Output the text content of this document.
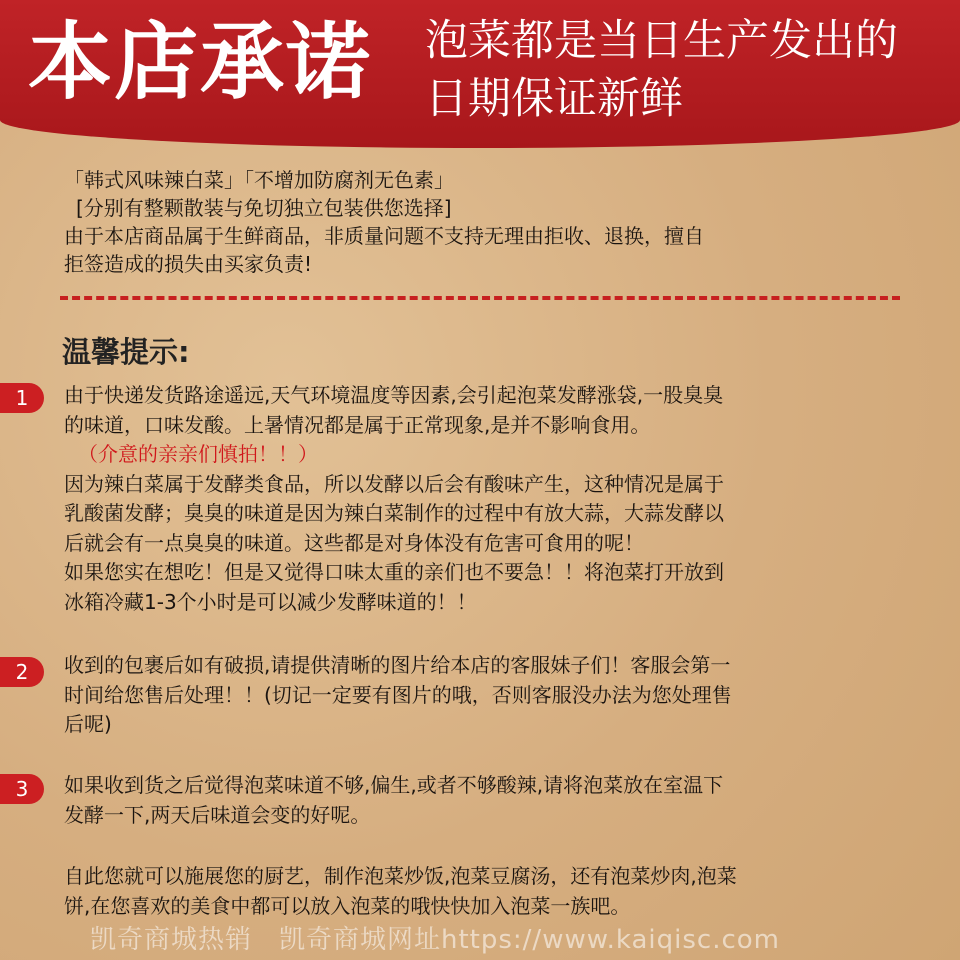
本店承诺 泡菜都是当日生产发出的
日期保证新鲜
「韩式风味辣白菜」「不增加防腐剂无色素」
[分别有整颗散装与免切独立包装供您选择]
由于本店商品属于生鲜商品，非质量问题不支持无理由拒收、退换，擅自
拒签造成的损失由买家负责!
温馨提示:
1	由于快递发货路途遥远,天气环境温度等因素,会引起泡菜发酵涨袋,一股臭臭
的味道，口味发酸。上暑情况都是属于正常现象,是并不影响食用。
（介意的亲亲们慎拍！！）
因为辣白菜属于发酵类食品，所以发酵以后会有酸味产生，这种情况是属于
乳酸菌发酵；臭臭的味道是因为辣白菜制作的过程中有放大蒜，大蒜发酵以
后就会有一点臭臭的味道。这些都是对身体没有危害可食用的呢！
如果您实在想吃！但是又觉得口味太重的亲们也不要急！！将泡菜打开放到
冰箱冷藏1-3个小时是可以减少发酵味道的！！
2	收到的包裹后如有破损,请提供清晰的图片给本店的客服妹子们！客服会第一
时间给您售后处理！！(切记一定要有图片的哦，否则客服没办法为您处理售
后呢)
3	如果收到货之后觉得泡菜味道不够,偏生,或者不够酸辣,请将泡菜放在室温下
发酵一下,两天后味道会变的好呢。
自此您就可以施展您的厨艺，制作泡菜炒饭,泡菜豆腐汤，还有泡菜炒肉,泡菜
饼,在您喜欢的美食中都可以放入泡菜的哦快快加入泡菜一族吧。
凯奇商城热销　凯奇商城网址https://www.kaiqisc.com
